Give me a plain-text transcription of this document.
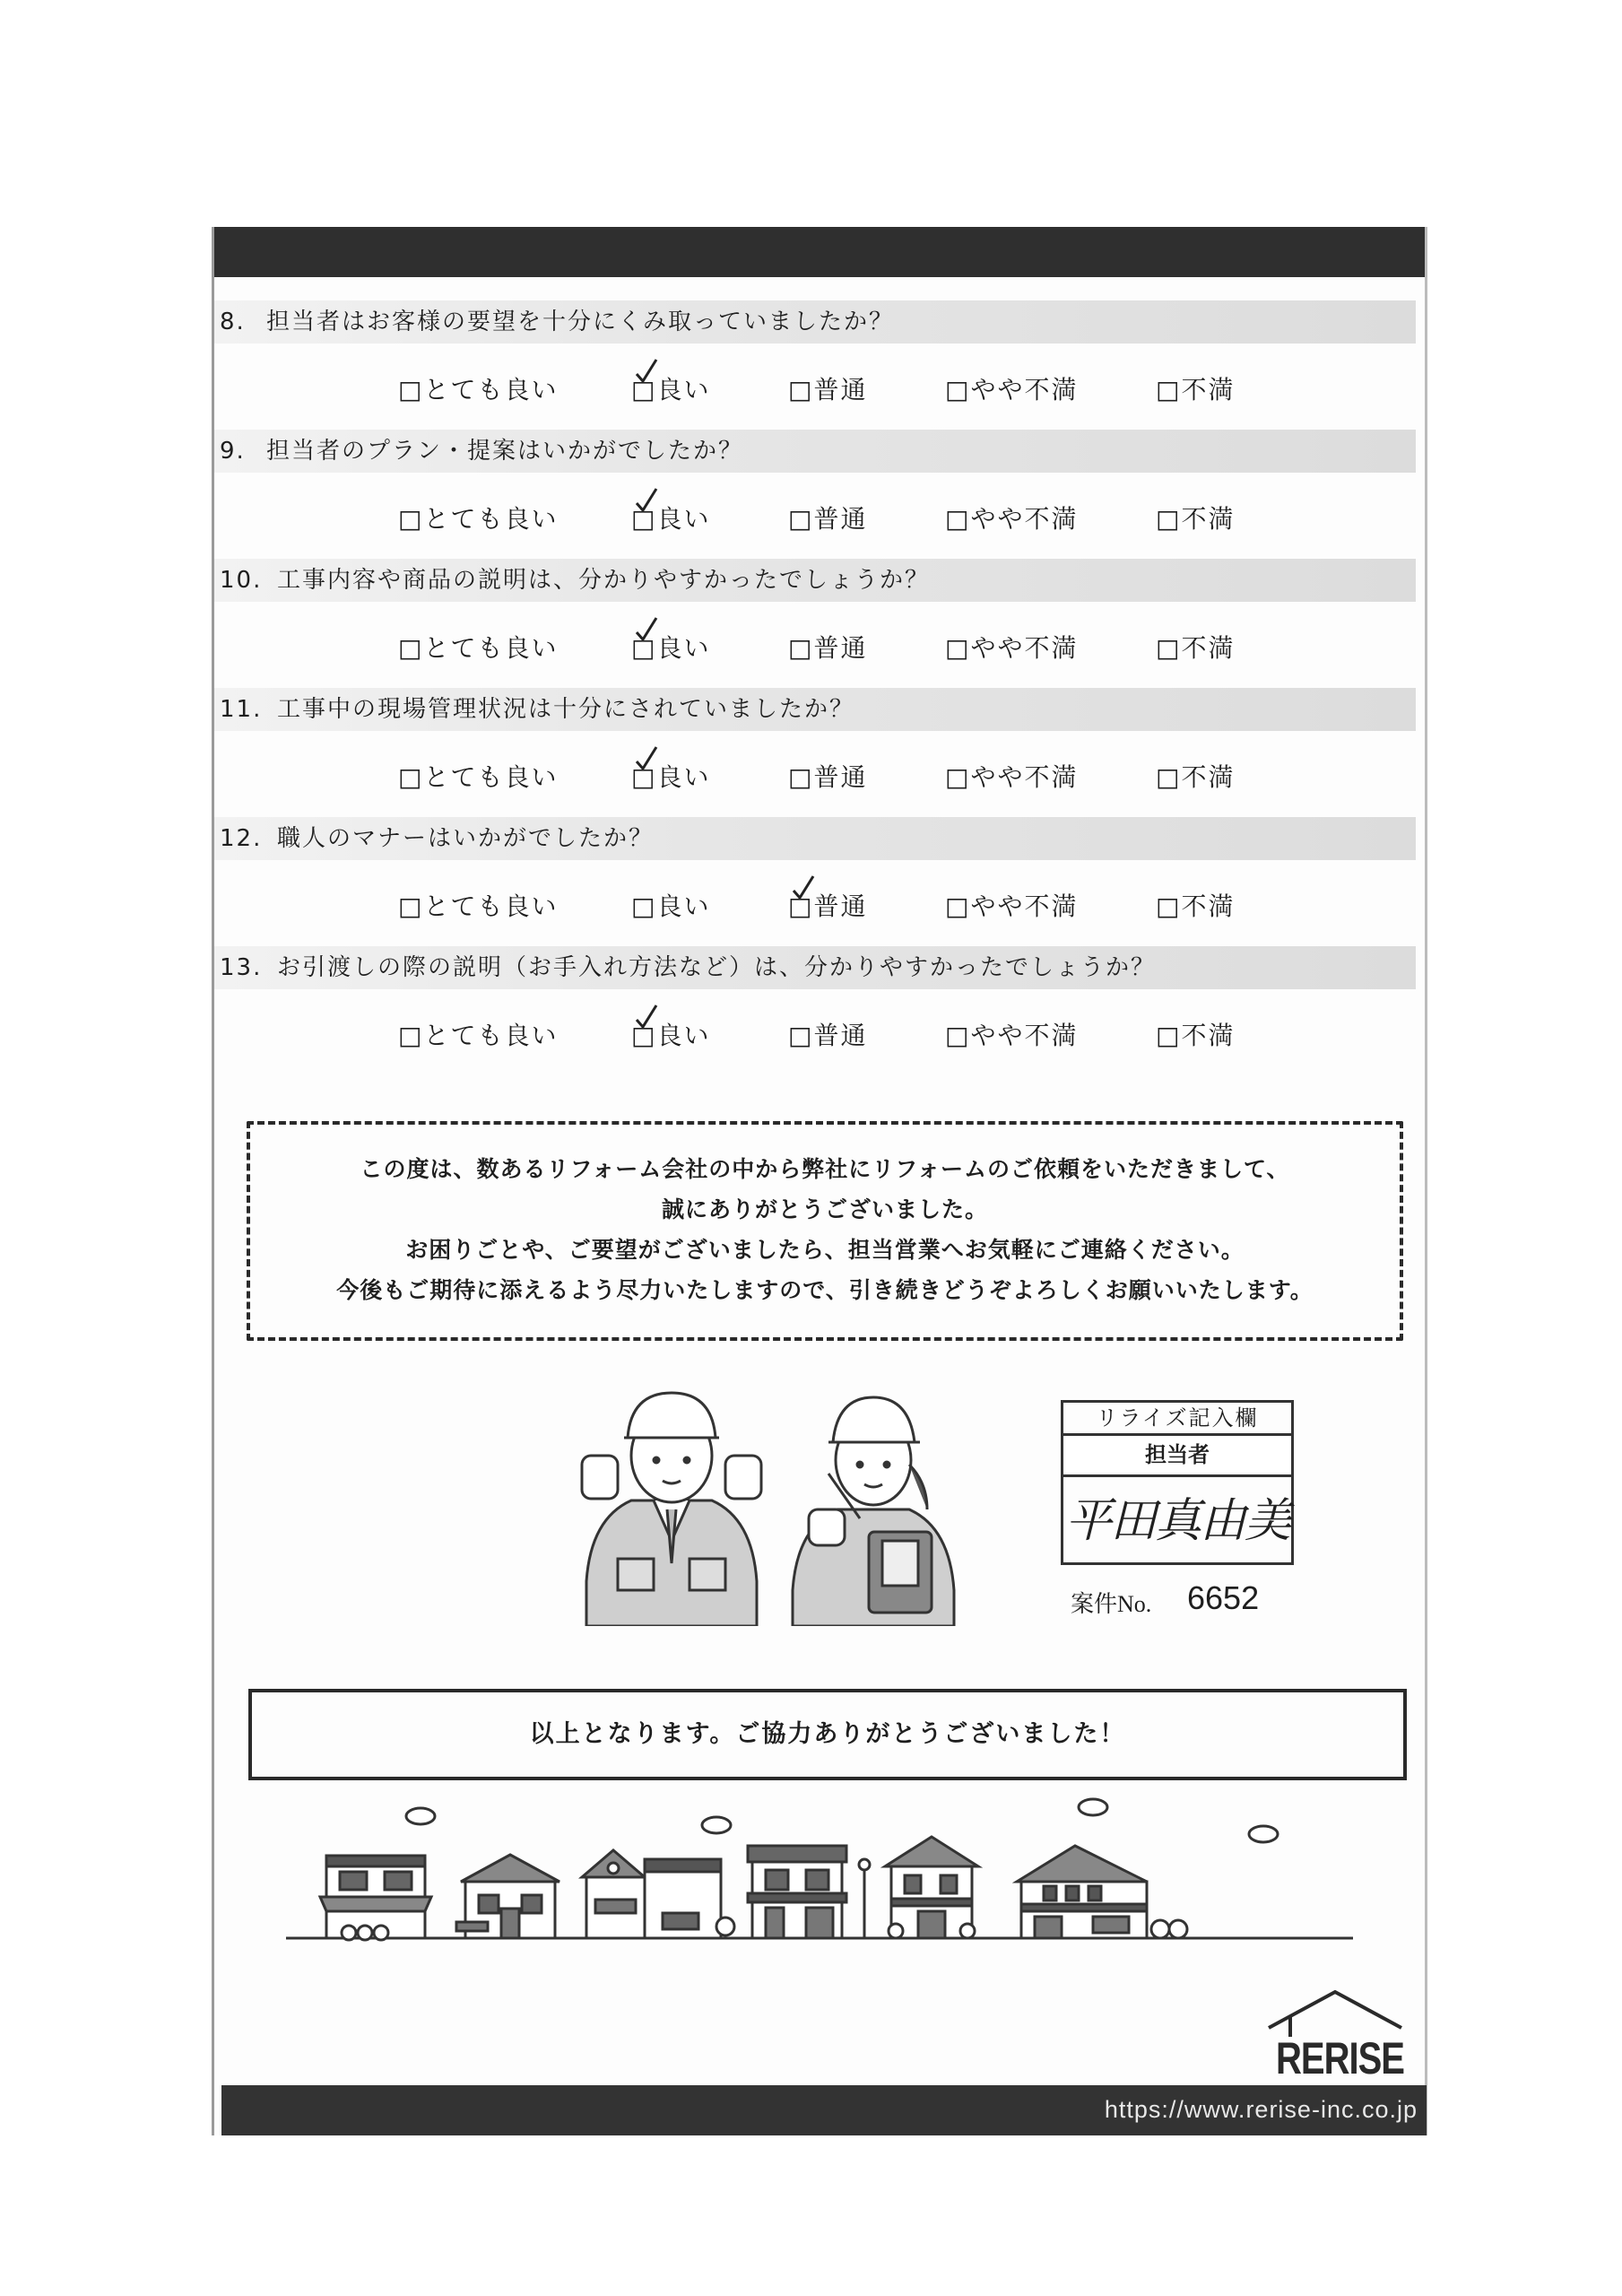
8. 担当者はお客様の要望を十分にくみ取っていましたか？
□とても良い	□良い	□普通	□やや不満	□不満
9. 担当者のプラン・提案はいかがでしたか？
□とても良い	□良い	□普通	□やや不満	□不満
10. 工事内容や商品の説明は、分かりやすかったでしょうか？
□とても良い	□良い	□普通	□やや不満	□不満
11. 工事中の現場管理状況は十分にされていましたか？
□とても良い	□良い	□普通	□やや不満	□不満
12. 職人のマナーはいかがでしたか？
□とても良い	□良い	□普通	□やや不満	□不満
13. お引渡しの際の説明（お手入れ方法など）は、分かりやすかったでしょうか？
□とても良い	□良い	□普通	□やや不満	□不満
この度は、数あるリフォーム会社の中から弊社にリフォームのご依頼をいただきまして、
誠にありがとうございました。
お困りごとや、ご要望がございましたら、担当営業へお気軽にご連絡ください。
今後もご期待に添えるよう尽力いたしますので、引き続きどうぞよろしくお願いいたします。
リライズ記入欄
担当者
平田真由美
案件No. 6652
以上となります。ご協力ありがとうございました！
RERISE
https://www.rerise-inc.co.jp
